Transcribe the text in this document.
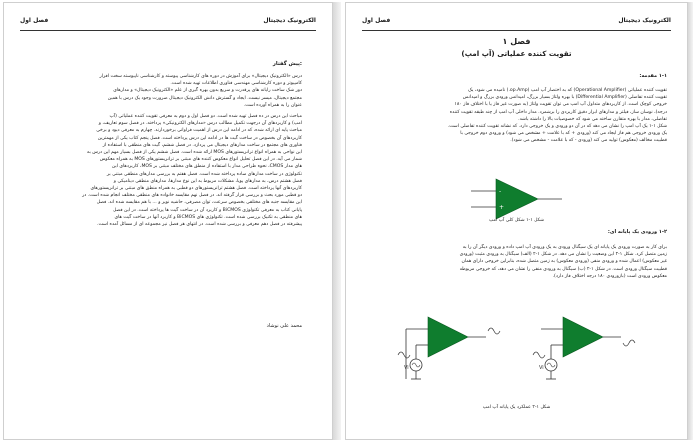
الکترونیک دیجیتال
فصل اول
پیش گفتار:
درس «الکترونیک دیجیتال» برای آموزش در دوره های کارشناسی پیوسته و کارشناسی ناپیوسته سخت افزار
کامپیوتر و دوره کارشناسی مهندسی فناوری اطلاعات تهیه شده است.
دور شک ساخت رایانه های پرقدرت و سریع بدون بهره گیری از علم «الکترونیک دیجیتال» و مدارهای
مجتمع دیجیتال، میسر نیست. ایجاد و گسترش دانش الکترونیک دیجیتال ضرورت وجود یک درس با همین
عنوان را به همراه آورده است.
مباحث این درس در ده فصل تهیه شده است. دو فصل اول و دوم به معرفی تقویت کننده عملیاتی (آپ
امپ) و کاربردهای آن درجهت تکمیل مطالب درس «مدارهای الکترونیکی» پرداخته. در فصل سوم تعاریف، و
مباحث پایه ای ارائه شده، که در ادامه این درس از اهمیت فراوانی برخوردارند. چهارم به معرفی دیود و برخی
کاربردهای آن بخصوص در ساخت گیت ها در ادامه این درس پرداخته است. فصل پنجم کتاب یکی از مهمترین
فناوری های مجتمع در ساخت مدارهای دیجیتال می پردازد. در فصل ششم، گیت های منطقی با استفاده از
این نواحی به همراه انواع ترانزیستورهای MOS ارائه شده است. فصل ششم یکی از فصل بسیار مهم این درس به
شمار می آید. در این فصل تحلیل انواع معکوس کننده های مبتنی بر ترانزیستورهای MOS به همراه معکوس
های مدار CMOS، نحوه طراحی مدار با استفاده از منطق های مختلف مبتنی بر MOS، کاربردهای این
تکنولوژی در ساخت مدارهای ساده پرداخته شده است. فصل هفتم به بررسی مدارهای منطقی مبتنی بر
فصل هشتم درس، به مدارهای پویا، مشکلات مربوط به این نوع مدارها، مدارهای منطقی دینامیکی و
کاربردهای آنها پرداخته است. فصل هشتم ترانزیستورهای دو قطبی به همراه منطق های مبتنی بر ترانزیستورهای
دو قطبی مورد بحث و بررسی قرار گرفته اند. در فصل نهم مقایسه خانواده های منطقی مختلف انجام شده است. در
این مقایسه جنبه های مختلفی بخصوص سرعت، توان مصرفی، حاشیه نویز و ... با هم مقایسه شده اند. فصل
پایانی کتاب به معرفی تکنولوژی BiCMOS و کاربرد آن در ساخت گیت ها پرداخته است. در این فصل
های منطقی به تکنیک بررسی شده است. تکنولوژی های BiCMOS و کاربرد آنها در ساخت گیت های
پیشرفته در فصل دهم معرفی و بررسی شده است. در انتهای هر فصل نیز مجموعه ای از مسائل آمده است.
محمد علی نوشاد
الکترونیک دیجیتال
فصل اول
فصل ۱
تقویت کننده عملیاتی (آپ امپ)
۱-۱ مقدمه:
تقویت کننده عملیاتی (Operational Amplifier) که به اختصار آپ امپ (op.Amp.) نامیده می شود، یک
تقویت کننده تفاضلی (Differential Amplifier) با بهره ولتاژ بسیار بزرگ، امپدانس ورودی بزرگ و امپدانس
خروجی کوچک است. از کاربردهای متداول آپ امپ می توان تقویت ولتاژ (به صورت غیر فاز یا با اختلاف فاز ۱۸۰
درجه)، نوسان ساز، فیلتر و مدارهای ابزار دقیق کاربردی را برشمرد. مدار داخلی آپ امپ از چند طبقه تقویت کننده
تفاضلی، مدار با بهره متقارن ساخته می شود که خصوصیات بالا را داشته باشد.
شکل ۱-۱ یک آپ امپ را نشان می دهد که در آن دو ورودی و یک خروجی دارد. که نشانه تقویت کننده تفاضلی است.
یک ورودی خروجی هم فاز ایجاد می کند (ورودی + که با علامت + مشخص می شود) و ورودی دوم خروجی با
قطبیت مخالف (معکوس) تولید می کند (ورودی - که با علامت - مشخص می شود).
-
+
شکل ۱-۱ شکل کلی آپ امپ
۱-۲ ورودی یک پایانه ای:
برای کار به صورت ورودی یک پایانه ای یک سیگنال ورودی به یک ورودی آپ امپ داده و ورودی دیگر آن را به
زمین متصل کرد. شکل ۱-۲ این وضعیت را نشان می دهد. در شکل ۱-۲ (الف) سیگنال به ورودی مثبت (ورودی
غیر معکوس) اعمال شده و ورودی منفی (ورودی معکوس) به زمین متصل شده، بنابراین خروجی دارای همان
قطبیت سیگنال ورودی است. در شکل ۱-۲ (ب) سیگنال به ورودی منفی را نشان می دهد، که خروجی مربوطه
معکوس ورودی است (بازورودی ۱۸۰ درجه اختلاف فاز دارد).
Vi	Vi
شکل ۱-۲ عملکرد یک پایانه آپ امپ
